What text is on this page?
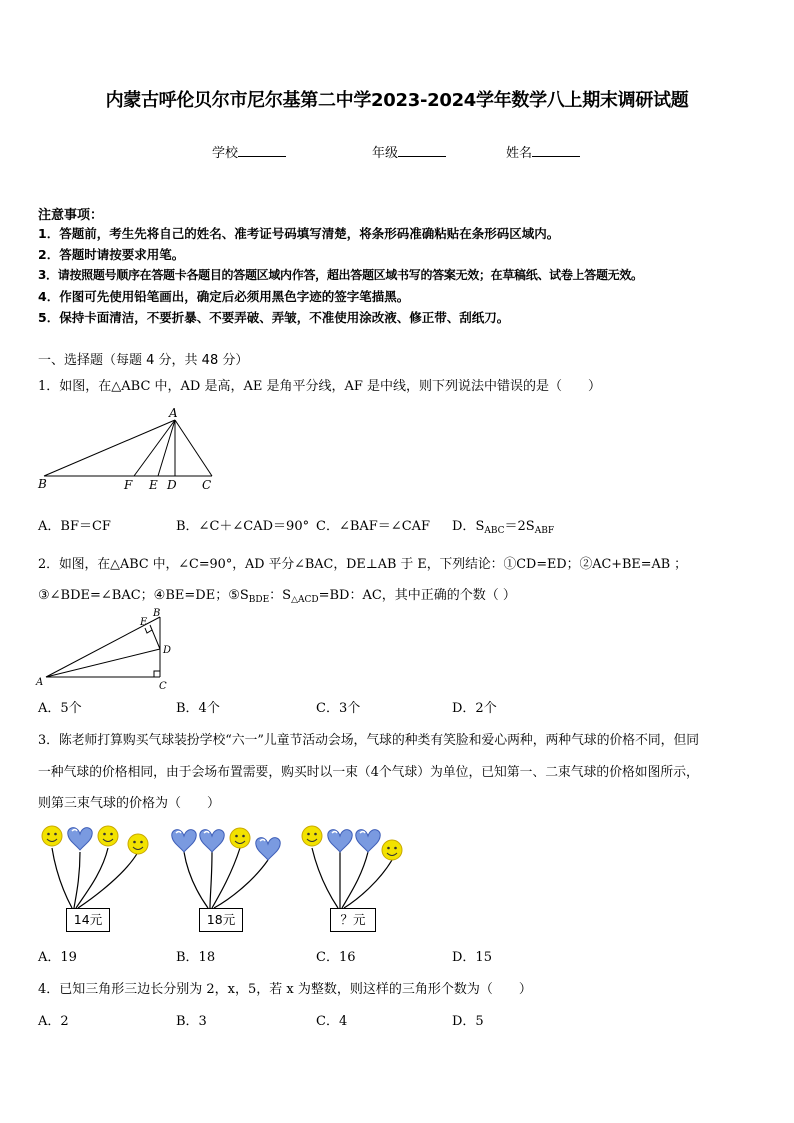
内蒙古呼伦贝尔市尼尔基第二中学2023-2024学年数学八上期末调研试题
学校	年级	姓名
注意事项：
1．答题前，考生先将自己的姓名、准考证号码填写清楚，将条形码准确粘贴在条形码区域内。
2．答题时请按要求用笔。
3．请按照题号顺序在答题卡各题目的答题区域内作答，超出答题区域书写的答案无效；在草稿纸、试卷上答题无效。
4．作图可先使用铅笔画出，确定后必须用黑色字迹的签字笔描黑。
5．保持卡面清洁，不要折暴、不要弄破、弄皱，不准使用涂改液、修正带、刮纸刀。
一、选择题（每题 4 分，共 48 分）
1．如图，在△ABC 中，AD 是高，AE 是角平分线，AF 是中线，则下列说法中错误的是（　　）
A
B	F E D C
A．BF＝CF	B．∠C＋∠CAD＝90° C．∠BAF＝∠CAF D．$S_{ABC}=2S_{ABF}$
2．如图，在△ABC 中，∠C=90°，AD 平分∠BAC，DE⊥AB 于 E，下列结论：①CD=ED；②AC+BE=AB ；
③∠BDE=∠BAC；④BE=DE；$⑤S_{BDE}$：$S_{\triangle ACD}=BD$：AC，其中正确的个数（ ）
A
B
C
D
E
A．5个	B．4个	C．3个	D．2个
3．陈老师打算购买气球装扮学校“六一”儿童节活动会场，气球的种类有笑脸和爱心两种，两种气球的价格不同，但同
一种气球的价格相同，由于会场布置需要，购买时以一束（4个气球）为单位，已知第一、二束气球的价格如图所示，
则第三束气球的价格为（　　）
14元	18元	？元
A．19	B．18	C．16	D．15
4．已知三角形三边长分别为 2，x，5，若 x 为整数，则这样的三角形个数为（　　）
A．2	B．3	C．4	D．5
